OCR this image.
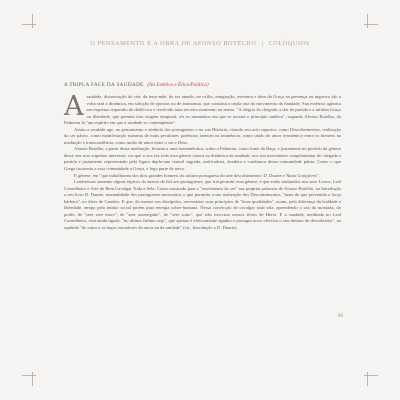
O PENSAMENTO E A OBRA DE AFONSO BOTELHO | COLÓQUIOS
A TRIPLA FACE DA SAUDADE (Na Estética e Ética/Política)

Asaudade, distanciação do céu, da terra-mãe, do ser amado, no exílio, emigração, aventura e dom da Graça na presença ou ingresso são a volta será a dinâmica, em solução de opostos ou de antinomia, que constitui a tripla raiz do movimento da Saudade. Sua essência agônica em esquema tripartido de dialéctica e resolvido num terceiro momento ou termo. "A alegria da chegada, a dor da partida e a infinita Graça ou liberdade, que permite esta viagem temporal, eis os momentos em que se mostra o princípio saúdico", segundo Afonso Botelho, da Palmeira lá "um espírito em que a saudade se contemplasse".

Assim a saudade age, no pensamento e símbolo dos portugueses e na sua História, criando seu acto superior, como Descobrimentos, realização do ser pátrio, como manifestação máxima de mais peculiares potências latentes na imanência, como união de amor ecumênico entre os homens na mediação e transcendência, como união de amor entre o ser e Deus.

Afonso Botelho, a partir desta meditação, levanta a uma hermenêutica, sobre a Palmeira, como fonte da Raça, e justamente no período da génese desse seu acto supremo universal, via que o nos faz toda essa génese estava na dinâmica da saudade, nos seu movimento complementar do chegada e partida e justamente representado pela figura dupla-una central sagrada, unificadora, doadora e condutora dessa comunidade pátria. Como o que Grega trouxesta a essa comunidade a Graça, e logo parte de novo.

E génese, em "que trabalharam dos dois grandes homens da cultura portuguesa do arte descobrimento: D. Duarte e Nuno Gonçalves".

Lembremos somente alguns tópicos do ensino de fiel aos portugueses, que iria permitir essa génese, e que estão traduzidos nos seus Livros, Leal Conselheiro e Arte de Bem Cavalgar Toda a Sela. Como mostrado para o "movimento do ser" nas próprias palavras de Afonso Botelho, na Introdução a seu livro D. Duarte, manualidade dos portugueses necessária, o que permitiu a sua realização dos Descobrimentos, "mais do que prevenida a força bárbara", no dizer de Camões. E que, do mestre aos discípulos, necessárias suas princípios de "boas qualidades", assim, pela diferença da lealdade e liberdade, tempo pelo mútuo social porém pura energia sobre-humana. Nessa convicção de cavalgar toda sela, aprendendo o uso da montada, do poder, de "seer seer more", de "seer assesegado", de "seer sotto", que irão exercitar nossos feitos de Herói. E a saudade, meditada no Leal Conselheiro, está ainda ligada, "no último Infinto seja", que apenas é efetivamente apanho e portagui novo efectiva o seu destino de descobridor", na saudade "do outro e os lugos extradores do amor na da unidade" (cit., Introdução a D. Duarte).

89
